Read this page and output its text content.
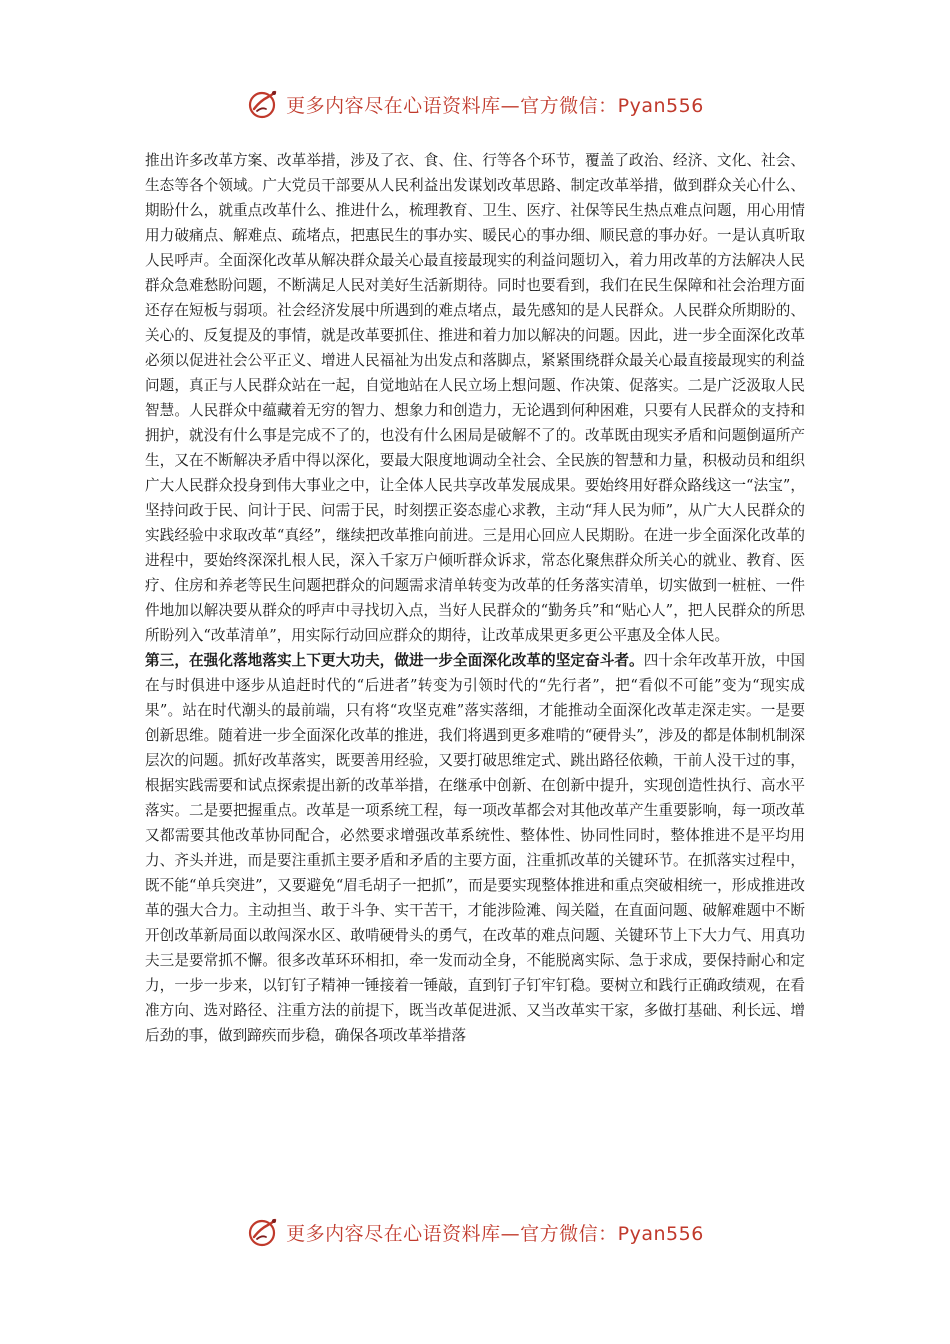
更多内容尽在心语资料库—官方微信：Pyan556

推出许多改革方案、改革举措，涉及了衣、食、住、行等各个环节，覆盖了政治、经济、文化、社会、生态等各个领域。广大党员干部要从人民利益出发谋划改革思路、制定改革举措，做到群众关心什么、期盼什么，就重点改革什么、推进什么，梳理教育、卫生、医疗、社保等民生热点难点问题，用心用情用力破痛点、解难点、疏堵点，把惠民生的事办实、暖民心的事办细、顺民意的事办好。一是认真听取人民呼声。全面深化改革从解决群众最关心最直接最现实的利益问题切入，着力用改革的方法解决人民群众急难愁盼问题，不断满足人民对美好生活新期待。同时也要看到，我们在民生保障和社会治理方面还存在短板与弱项。社会经济发展中所遇到的难点堵点，最先感知的是人民群众。人民群众所期盼的、关心的、反复提及的事情，就是改革要抓住、推进和着力加以解决的问题。因此，进一步全面深化改革必须以促进社会公平正义、增进人民福祉为出发点和落脚点，紧紧围绕群众最关心最直接最现实的利益问题，真正与人民群众站在一起，自觉地站在人民立场上想问题、作决策、促落实。二是广泛汲取人民智慧。人民群众中蕴藏着无穷的智力、想象力和创造力，无论遇到何种困难，只要有人民群众的支持和拥护，就没有什么事是完成不了的，也没有什么困局是破解不了的。改革既由现实矛盾和问题倒逼所产生，又在不断解决矛盾中得以深化，要最大限度地调动全社会、全民族的智慧和力量，积极动员和组织广大人民群众投身到伟大事业之中，让全体人民共享改革发展成果。要始终用好群众路线这一“法宝”，坚持问政于民、问计于民、问需于民，时刻摆正姿态虚心求教，主动“拜人民为师”，从广大人民群众的实践经验中求取改革“真经”，继续把改革推向前进。三是用心回应人民期盼。在进一步全面深化改革的进程中，要始终深深扎根人民，深入千家万户倾听群众诉求，常态化聚焦群众所关心的就业、教育、医疗、住房和养老等民生问题把群众的问题需求清单转变为改革的任务落实清单，切实做到一桩桩、一件件地加以解决要从群众的呼声中寻找切入点，当好人民群众的“勤务兵”和“贴心人”，把人民群众的所思所盼列入“改革清单”，用实际行动回应群众的期待，让改革成果更多更公平惠及全体人民。

第三，在强化落地落实上下更大功夫，做进一步全面深化改革的坚定奋斗者。四十余年改革开放，中国在与时俱进中逐步从追赶时代的“后进者”转变为引领时代的“先行者”，把“看似不可能”变为“现实成果”。站在时代潮头的最前端，只有将“攻坚克难”落实落细，才能推动全面深化改革走深走实。一是要创新思维。随着进一步全面深化改革的推进，我们将遇到更多难啃的“硬骨头”，涉及的都是体制机制深层次的问题。抓好改革落实，既要善用经验，又要打破思维定式、跳出路径依赖，干前人没干过的事，根据实践需要和试点探索提出新的改革举措，在继承中创新、在创新中提升，实现创造性执行、高水平落实。二是要把握重点。改革是一项系统工程，每一项改革都会对其他改革产生重要影响，每一项改革又都需要其他改革协同配合，必然要求增强改革系统性、整体性、协同性同时，整体推进不是平均用力、齐头并进，而是要注重抓主要矛盾和矛盾的主要方面，注重抓改革的关键环节。在抓落实过程中，既不能“单兵突进”，又要避免“眉毛胡子一把抓”，而是要实现整体推进和重点突破相统一，形成推进改革的强大合力。主动担当、敢于斗争、实干苦干，才能涉险滩、闯关隘，在直面问题、破解难题中不断开创改革新局面以敢闯深水区、敢啃硬骨头的勇气，在改革的难点问题、关键环节上下大力气、用真功夫三是要常抓不懈。很多改革环环相扣，牵一发而动全身，不能脱离实际、急于求成，要保持耐心和定力，一步一步来，以钉钉子精神一锤接着一锤敲，直到钉子钉牢钉稳。要树立和践行正确政绩观，在看准方向、选对路径、注重方法的前提下，既当改革促进派、又当改革实干家，多做打基础、利长远、增后劲的事，做到蹄疾而步稳，确保各项改革举措落

更多内容尽在心语资料库—官方微信：Pyan556
